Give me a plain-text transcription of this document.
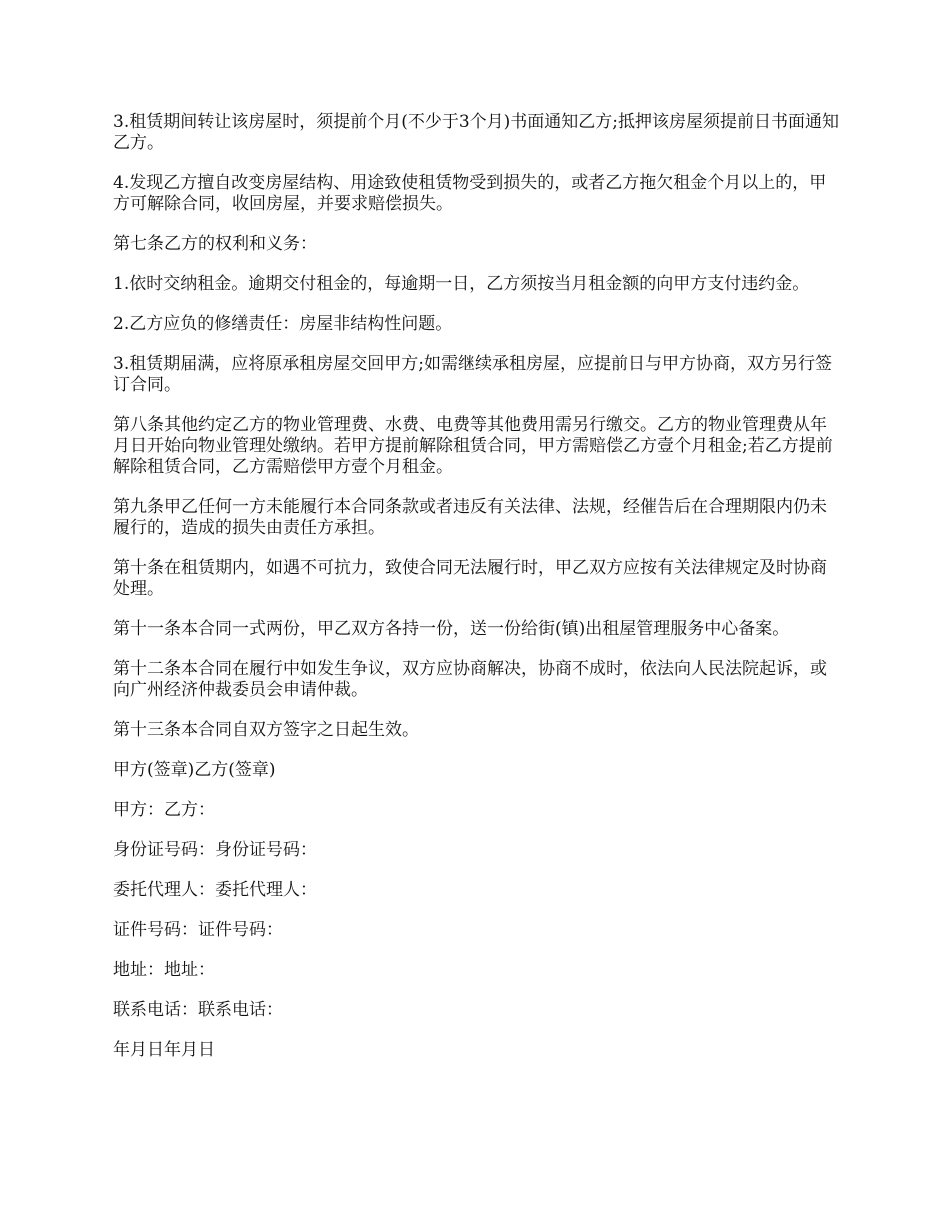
3.租赁期间转让该房屋时，须提前个月(不少于3个月)书面通知乙方;抵押该房屋须提前日书面通知乙方。

4.发现乙方擅自改变房屋结构、用途致使租赁物受到损失的，或者乙方拖欠租金个月以上的，甲方可解除合同，收回房屋，并要求赔偿损失。

第七条乙方的权利和义务：

1.依时交纳租金。逾期交付租金的，每逾期一日，乙方须按当月租金额的向甲方支付违约金。

2.乙方应负的修缮责任：房屋非结构性问题。

3.租赁期届满，应将原承租房屋交回甲方;如需继续承租房屋，应提前日与甲方协商，双方另行签订合同。

第八条其他约定乙方的物业管理费、水费、电费等其他费用需另行缴交。乙方的物业管理费从年月日开始向物业管理处缴纳。若甲方提前解除租赁合同，甲方需赔偿乙方壹个月租金;若乙方提前解除租赁合同，乙方需赔偿甲方壹个月租金。

第九条甲乙任何一方未能履行本合同条款或者违反有关法律、法规，经催告后在合理期限内仍未履行的，造成的损失由责任方承担。

第十条在租赁期内，如遇不可抗力，致使合同无法履行时，甲乙双方应按有关法律规定及时协商处理。

第十一条本合同一式两份，甲乙双方各持一份，送一份给街(镇)出租屋管理服务中心备案。

第十二条本合同在履行中如发生争议，双方应协商解决，协商不成时，依法向人民法院起诉，或向广州经济仲裁委员会申请仲裁。

第十三条本合同自双方签字之日起生效。

甲方(签章)乙方(签章)

甲方：乙方：

身份证号码：身份证号码：

委托代理人：委托代理人：

证件号码：证件号码：

地址：地址：

联系电话：联系电话：

年月日年月日
